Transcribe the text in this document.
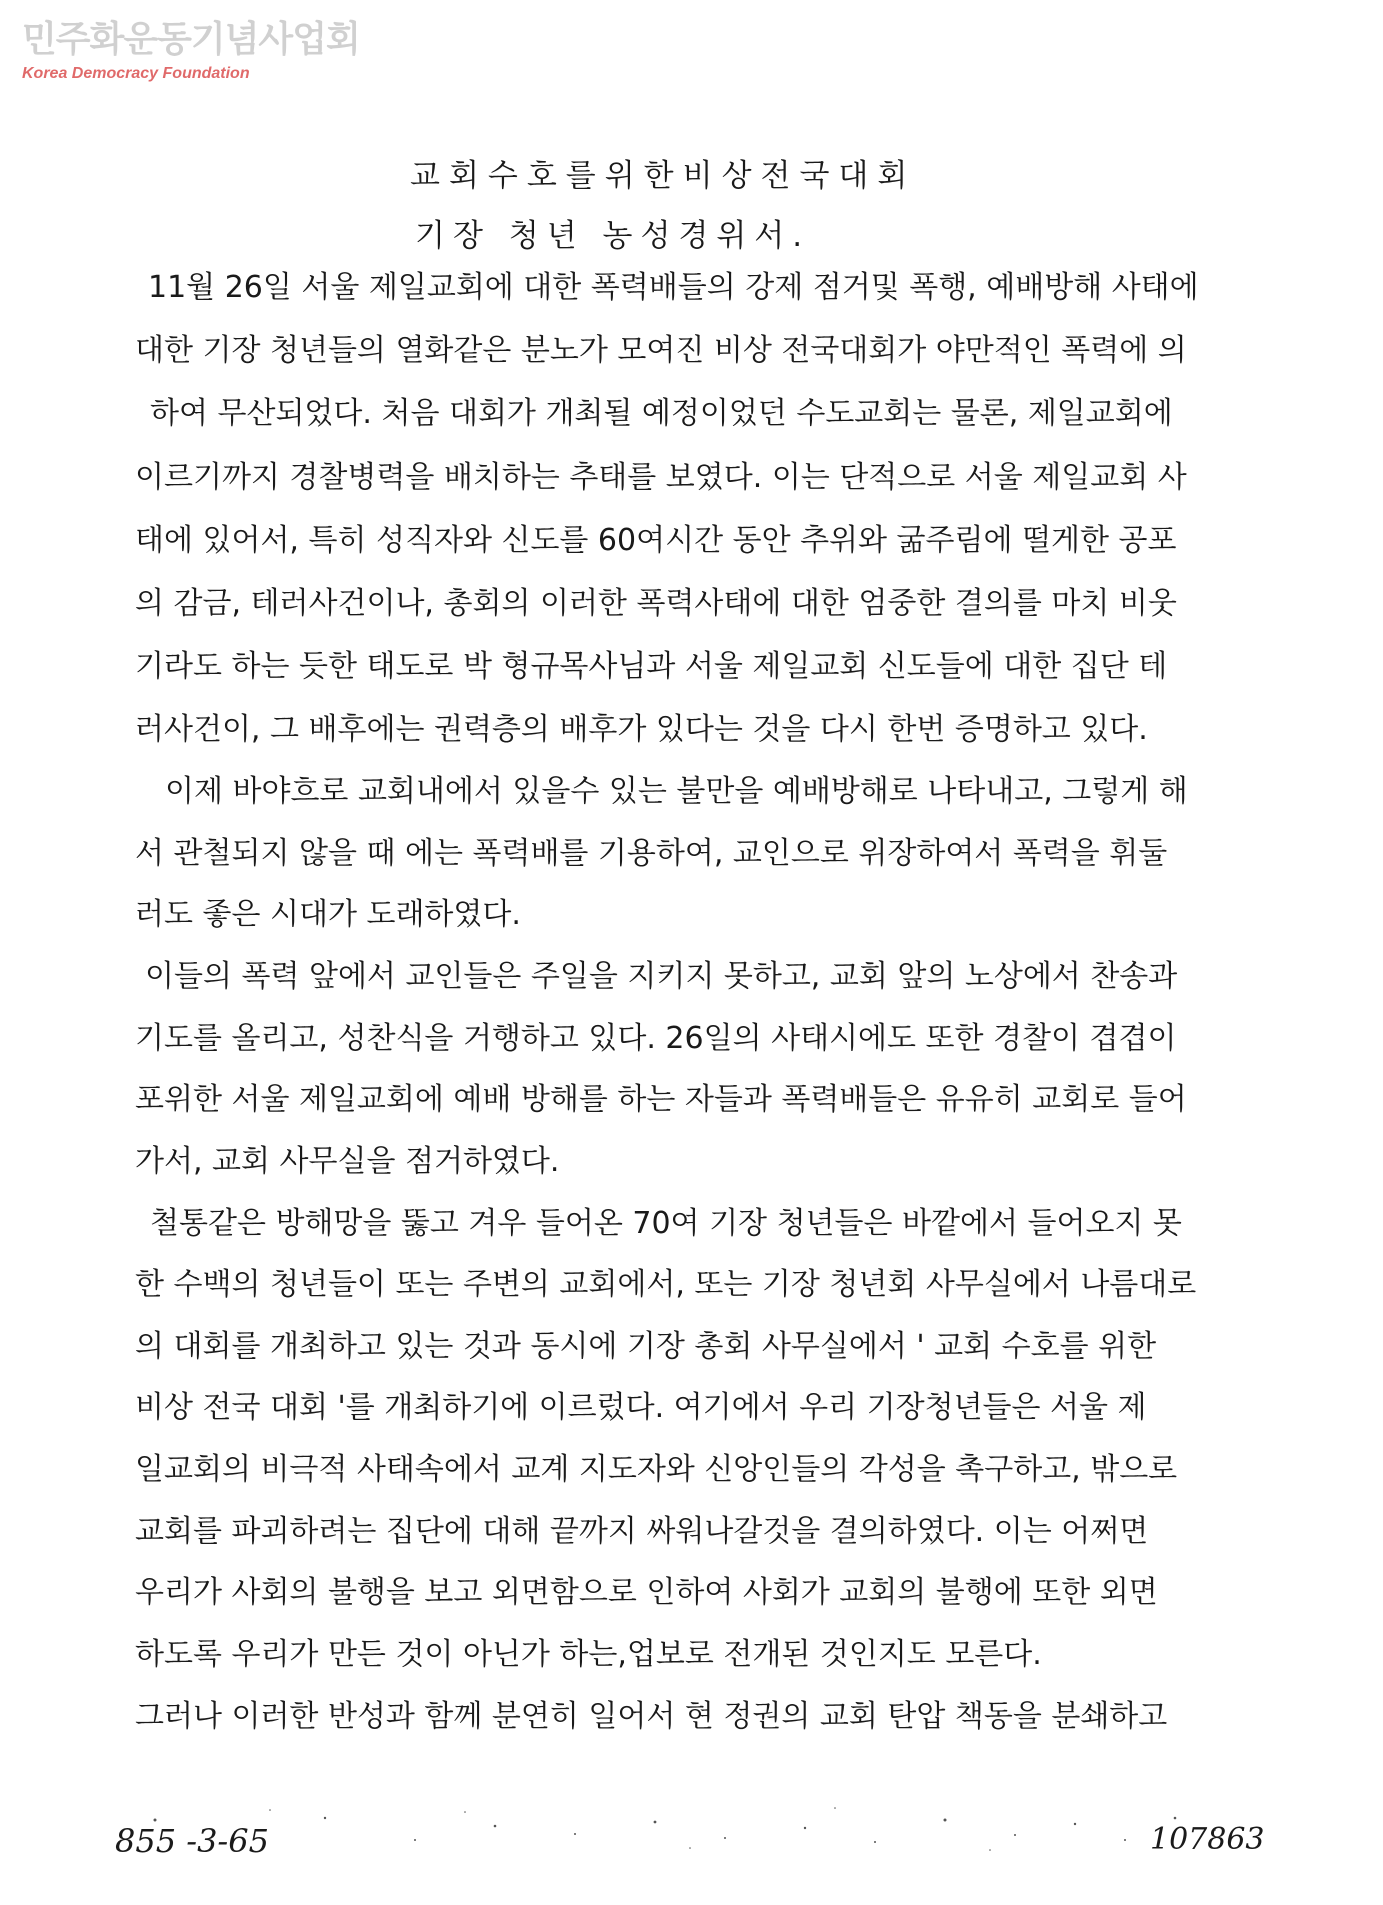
민주화운동기념사업회
Korea Democracy Foundation
교회수호를위한비상전국대회
기장 청년 농성경위서.
11월 26일 서울 제일교회에 대한 폭력배들의 강제 점거및 폭행, 예배방해 사태에
대한 기장 청년들의 열화같은 분노가 모여진 비상 전국대회가 야만적인 폭력에 의
하여 무산되었다. 처음 대회가 개최될 예정이었던 수도교회는 물론, 제일교회에
이르기까지 경찰병력을 배치하는 추태를 보였다. 이는 단적으로 서울 제일교회 사
태에 있어서, 특히 성직자와 신도를 60여시간 동안 추위와 굶주림에 떨게한 공포
의 감금, 테러사건이나, 총회의 이러한 폭력사태에 대한 엄중한 결의를 마치 비웃
기라도 하는 듯한 태도로 박 형규목사님과 서울 제일교회 신도들에 대한 집단 테
러사건이, 그 배후에는 권력층의 배후가 있다는 것을 다시 한번 증명하고 있다.
이제 바야흐로 교회내에서 있을수 있는 불만을 예배방해로 나타내고, 그렇게 해
서 관철되지 않을 때 에는 폭력배를 기용하여, 교인으로 위장하여서 폭력을 휘둘
러도 좋은 시대가 도래하였다.
이들의 폭력 앞에서 교인들은 주일을 지키지 못하고, 교회 앞의 노상에서 찬송과
기도를 올리고, 성찬식을 거행하고 있다. 26일의 사태시에도 또한 경찰이 겹겹이
포위한 서울 제일교회에 예배 방해를 하는 자들과 폭력배들은 유유히 교회로 들어
가서, 교회 사무실을 점거하였다.
철통같은 방해망을 뚫고 겨우 들어온 70여 기장 청년들은 바깥에서 들어오지 못
한 수백의 청년들이 또는 주변의 교회에서, 또는 기장 청년회 사무실에서 나름대로
의 대회를 개최하고 있는 것과 동시에 기장 총회 사무실에서 ' 교회 수호를 위한
비상 전국 대회 '를 개최하기에 이르렀다. 여기에서 우리 기장청년들은 서울 제
일교회의 비극적 사태속에서 교계 지도자와 신앙인들의 각성을 촉구하고, 밖으로
교회를 파괴하려는 집단에 대해 끝까지 싸워나갈것을 결의하였다. 이는 어쩌면
우리가 사회의 불행을 보고 외면함으로 인하여 사회가 교회의 불행에 또한 외면
하도록 우리가 만든 것이 아닌가 하는,업보로 전개된 것인지도 모른다.
그러나 이러한 반성과 함께 분연히 일어서 현 정권의 교회 탄압 책동을 분쇄하고
855 -3-65	107863
